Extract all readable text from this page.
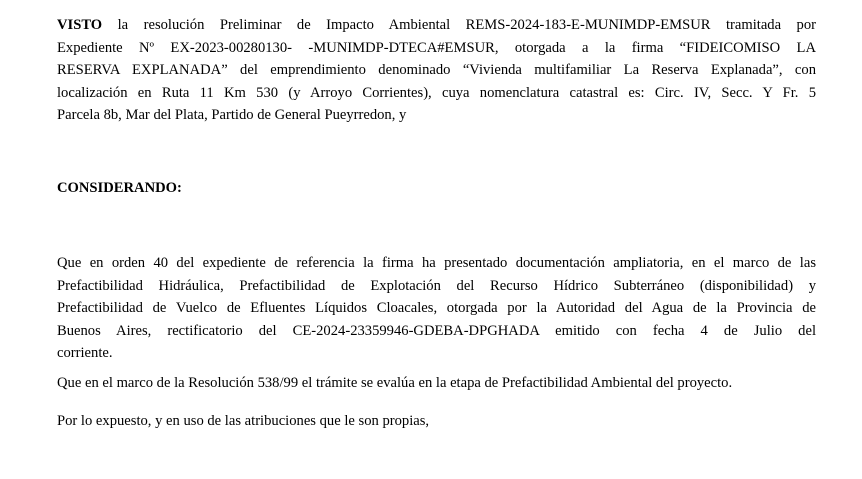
VISTO la resolución Preliminar de Impacto Ambiental REMS-2024-183-E-MUNIMDP-EMSUR tramitada por
Expediente Nº EX-2023-00280130- -MUNIMDP-DTECA#EMSUR, otorgada a la firma “FIDEICOMISO LA
RESERVA EXPLANADA” del emprendimiento denominado “Vivienda multifamiliar La Reserva Explanada”, con
localización en Ruta 11 Km 530 (y Arroyo Corrientes), cuya nomenclatura catastral es: Circ. IV, Secc. Y Fr. 5
Parcela 8b, Mar del Plata, Partido de General Pueyrredon, y
CONSIDERANDO:
Que en orden 40 del expediente de referencia la firma ha presentado documentación ampliatoria, en el marco de las
Prefactibilidad Hidráulica, Prefactibilidad de Explotación del Recurso Hídrico Subterráneo (disponibilidad) y
Prefactibilidad de Vuelco de Efluentes Líquidos Cloacales, otorgada por la Autoridad del Agua de la Provincia de
Buenos Aires, rectificatorio del CE-2024-23359946-GDEBA-DPGHADA emitido con fecha 4 de Julio del
corriente.
Que en el marco de la Resolución 538/99 el trámite se evalúa en la etapa de Prefactibilidad Ambiental del proyecto.
Por lo expuesto, y en uso de las atribuciones que le son propias,
